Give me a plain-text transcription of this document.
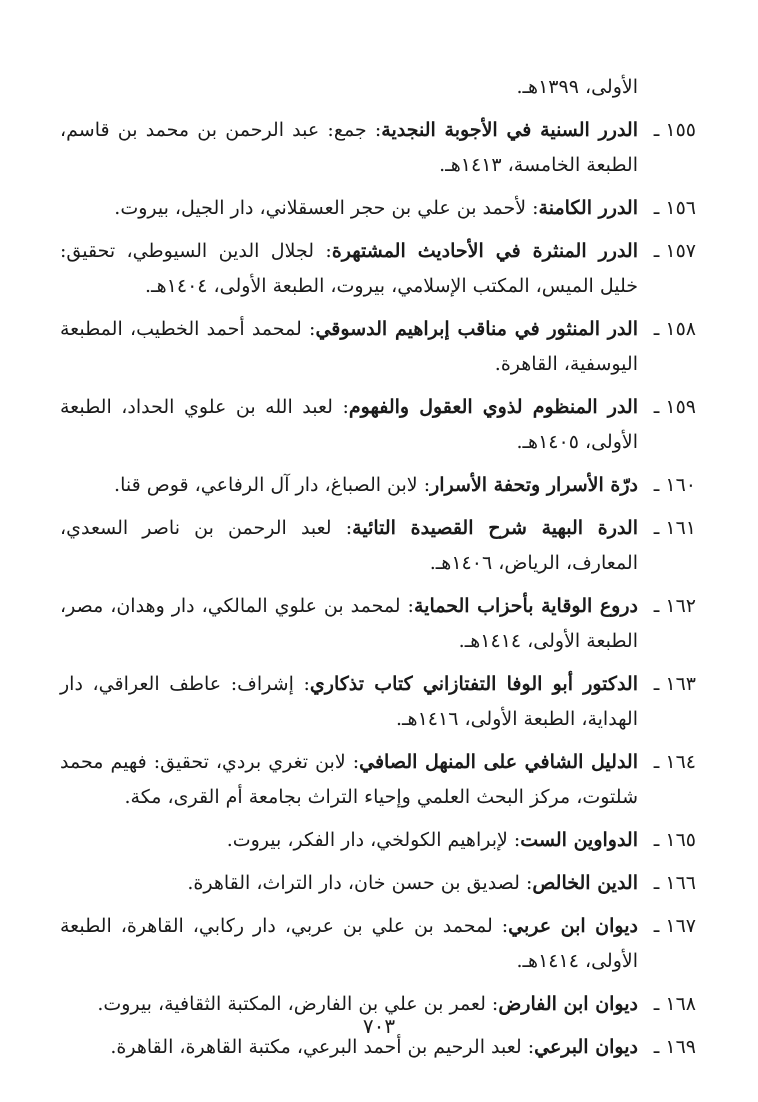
الأولى، ١٣٩٩هـ.

١٥٥ ـ
الدرر السنية في الأجوبة النجدية: جمع: عبد الرحمن بن محمد بن قاسم، الطبعة الخامسة، ١٤١٣هـ.

١٥٦ ـ
الدرر الكامنة: لأحمد بن علي بن حجر العسقلاني، دار الجيل، بيروت.

١٥٧ ـ
الدرر المنثرة في الأحاديث المشتهرة: لجلال الدين السيوطي، تحقيق: خليل الميس، المكتب الإسلامي، بيروت، الطبعة الأولى، ١٤٠٤هـ.

١٥٨ ـ
الدر المنثور في مناقب إبراهيم الدسوقي: لمحمد أحمد الخطيب، المطبعة اليوسفية، القاهرة.

١٥٩ ـ
الدر المنظوم لذوي العقول والفهوم: لعبد الله بن علوي الحداد، الطبعة الأولى، ١٤٠٥هـ.

١٦٠ ـ
درّة الأسرار وتحفة الأسرار: لابن الصباغ، دار آل الرفاعي، قوص قنا.

١٦١ ـ
الدرة البهية شرح القصيدة التائية: لعبد الرحمن بن ناصر السعدي، المعارف، الرياض، ١٤٠٦هـ.

١٦٢ ـ
دروع الوقاية بأحزاب الحماية: لمحمد بن علوي المالكي، دار وهدان، مصر، الطبعة الأولى، ١٤١٤هـ.

١٦٣ ـ
الدكتور أبو الوفا التفتازاني كتاب تذكاري: إشراف: عاطف العراقي، دار الهداية، الطبعة الأولى، ١٤١٦هـ.

١٦٤ ـ
الدليل الشافي على المنهل الصافي: لابن تغري بردي، تحقيق: فهيم محمد شلتوت، مركز البحث العلمي وإحياء التراث بجامعة أم القرى، مكة.

١٦٥ ـ
الدواوين الست: لإبراهيم الكولخي، دار الفكر، بيروت.

١٦٦ ـ
الدين الخالص: لصديق بن حسن خان، دار التراث، القاهرة.

١٦٧ ـ
ديوان ابن عربي: لمحمد بن علي بن عربي، دار ركابي، القاهرة، الطبعة الأولى، ١٤١٤هـ.

١٦٨ ـ
ديوان ابن الفارض: لعمر بن علي بن الفارض، المكتبة الثقافية، بيروت.

١٦٩ ـ
ديوان البرعي: لعبد الرحيم بن أحمد البرعي، مكتبة القاهرة، القاهرة.

٧٠٣
